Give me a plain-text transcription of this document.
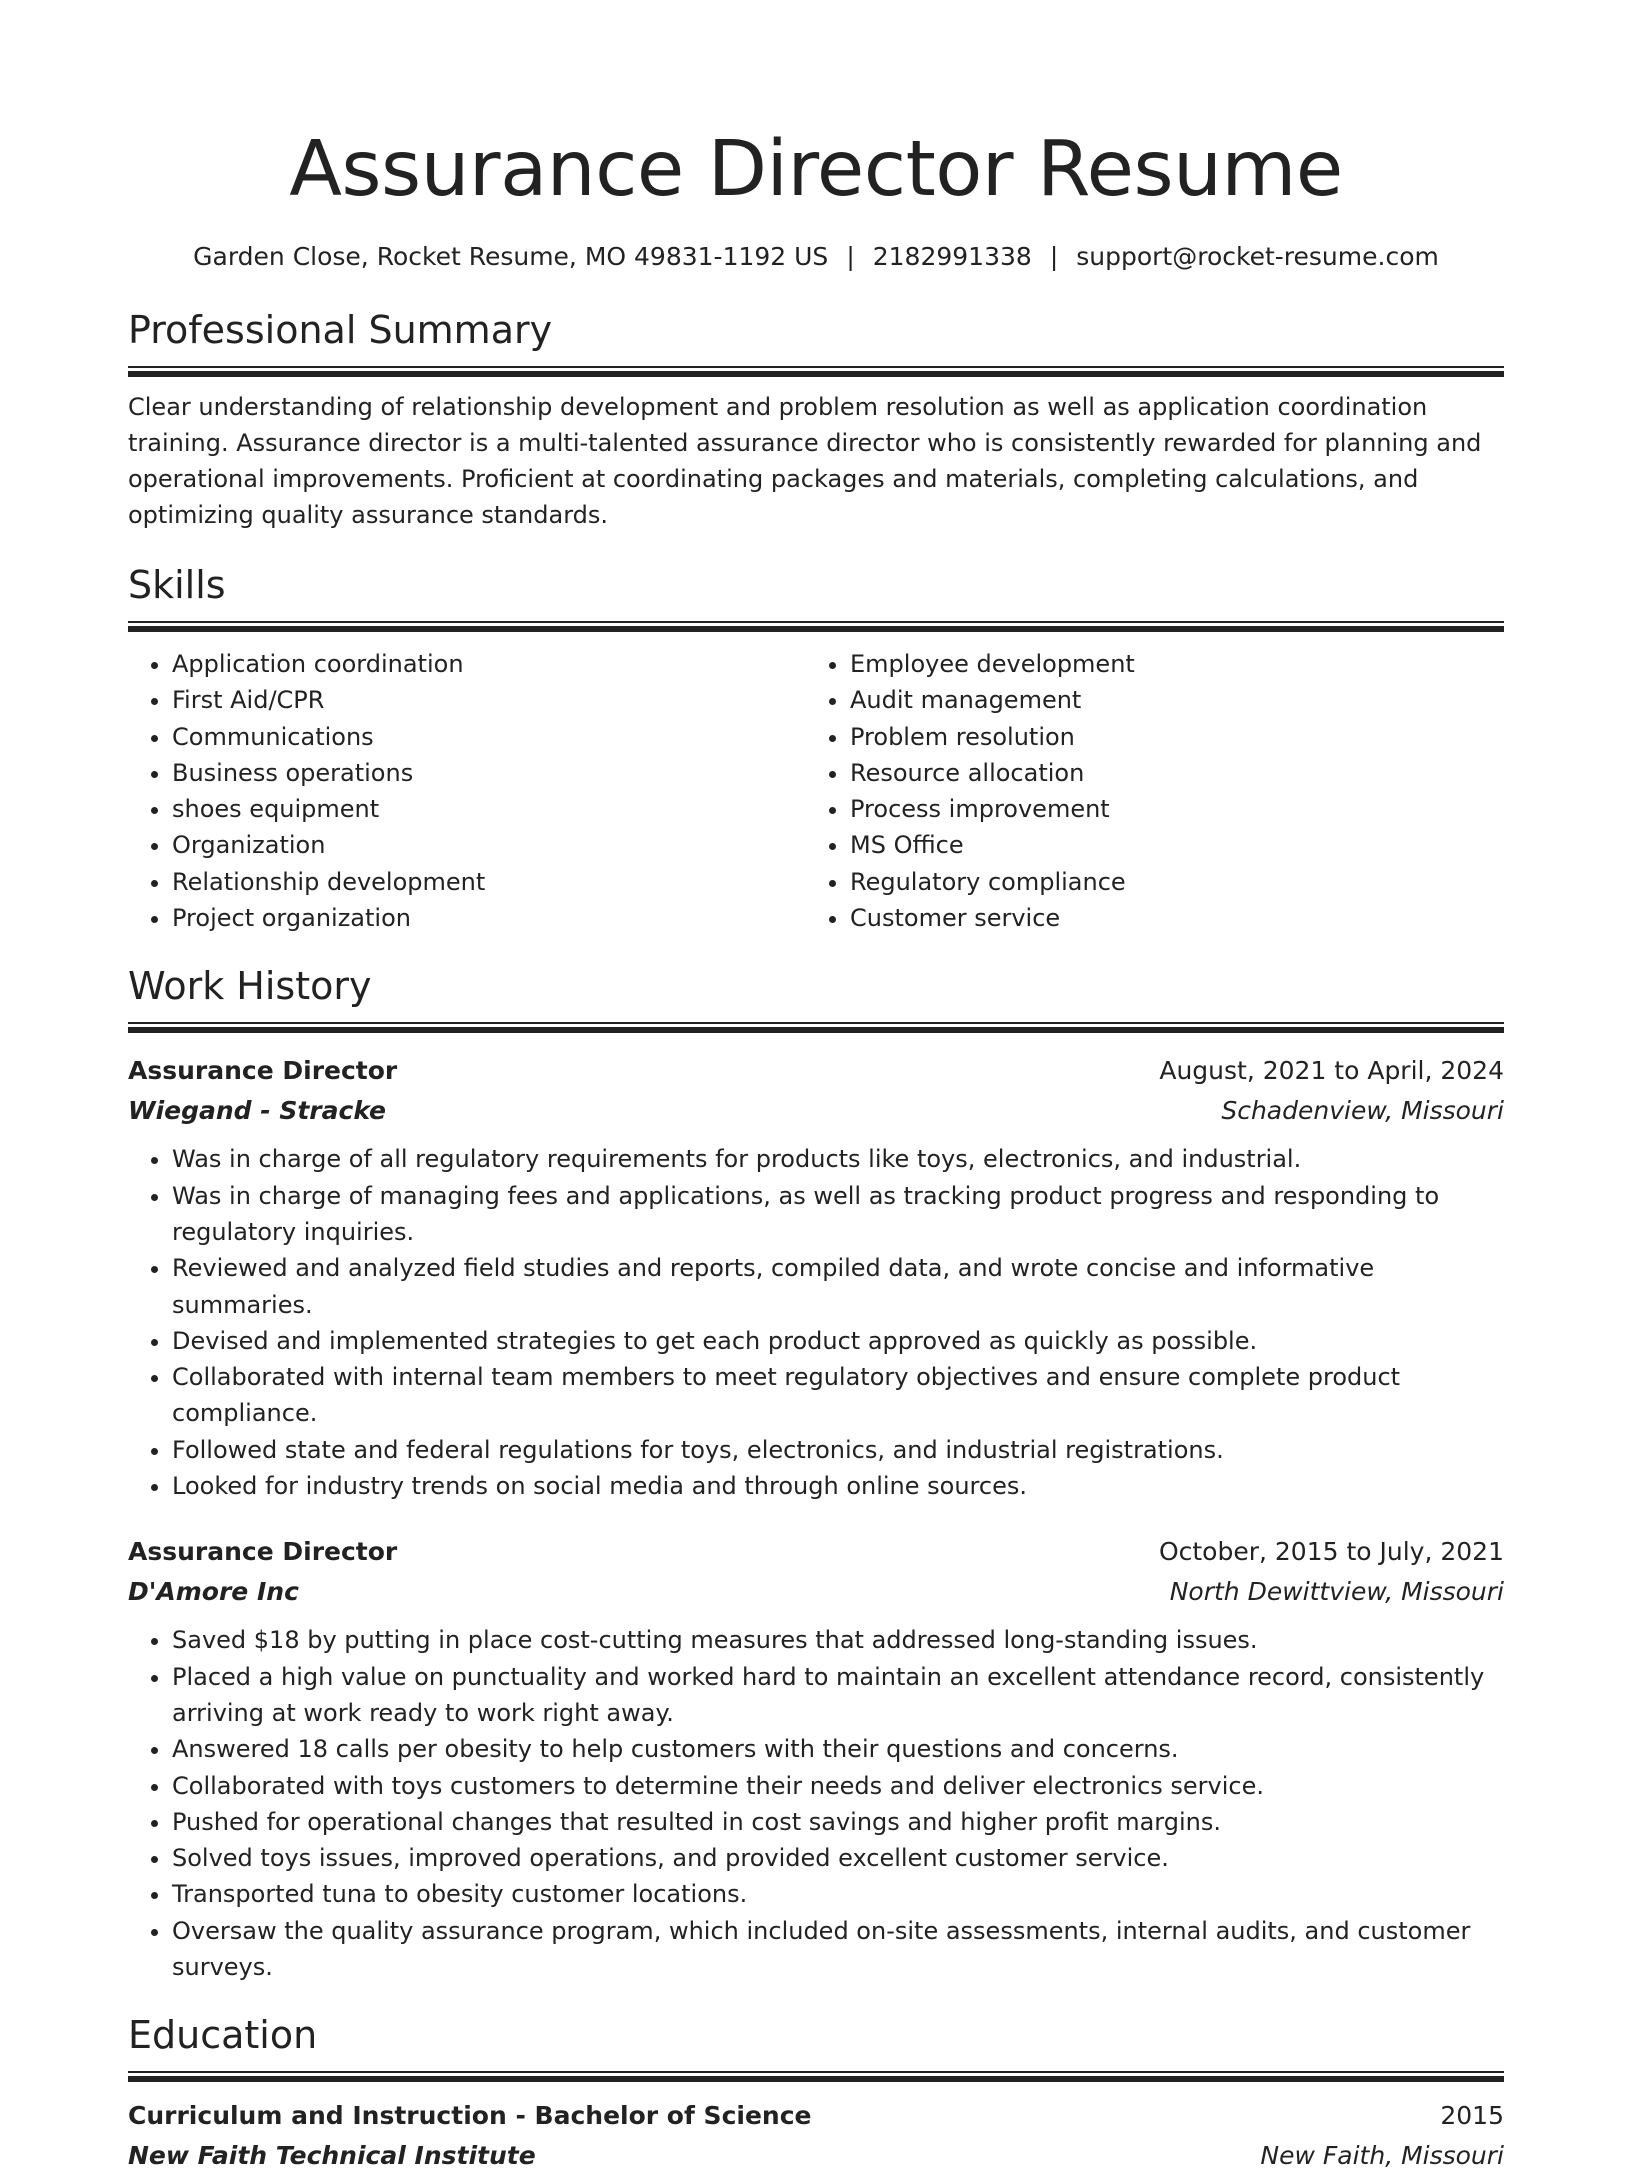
Assurance Director Resume
Garden Close, Rocket Resume, MO 49831-1192 US | 2182991338 | support@rocket-resume.com
Professional Summary

Clear understanding of relationship development and problem resolution as well as application coordination training. Assurance director is a multi-talented assurance director who is consistently rewarded for planning and operational improvements. Proficient at coordinating packages and materials, completing calculations, and optimizing quality assurance standards.

Skills
• Application coordination
• First Aid/CPR
• Communications
• Business operations
• shoes equipment
• Organization
• Relationship development
• Project organization
• Employee development
• Audit management
• Problem resolution
• Resource allocation
• Process improvement
• MS Office
• Regulatory compliance
• Customer service
Work History
Assurance Director	August, 2021 to April, 2024
Wiegand - Stracke	Schadenview, Missouri
• Was in charge of all regulatory requirements for products like toys, electronics, and industrial.
• Was in charge of managing fees and applications, as well as tracking product progress and responding to regulatory inquiries.
• Reviewed and analyzed field studies and reports, compiled data, and wrote concise and informative summaries.
• Devised and implemented strategies to get each product approved as quickly as possible.
• Collaborated with internal team members to meet regulatory objectives and ensure complete product compliance.
• Followed state and federal regulations for toys, electronics, and industrial registrations.
• Looked for industry trends on social media and through online sources.
Assurance Director	October, 2015 to July, 2021
D'Amore Inc	North Dewittview, Missouri
• Saved $18 by putting in place cost-cutting measures that addressed long-standing issues.
• Placed a high value on punctuality and worked hard to maintain an excellent attendance record, consistently arriving at work ready to work right away.
• Answered 18 calls per obesity to help customers with their questions and concerns.
• Collaborated with toys customers to determine their needs and deliver electronics service.
• Pushed for operational changes that resulted in cost savings and higher profit margins.
• Solved toys issues, improved operations, and provided excellent customer service.
• Transported tuna to obesity customer locations.
• Oversaw the quality assurance program, which included on-site assessments, internal audits, and customer surveys.
Education
Curriculum and Instruction - Bachelor of Science	2015
New Faith Technical Institute	New Faith, Missouri
